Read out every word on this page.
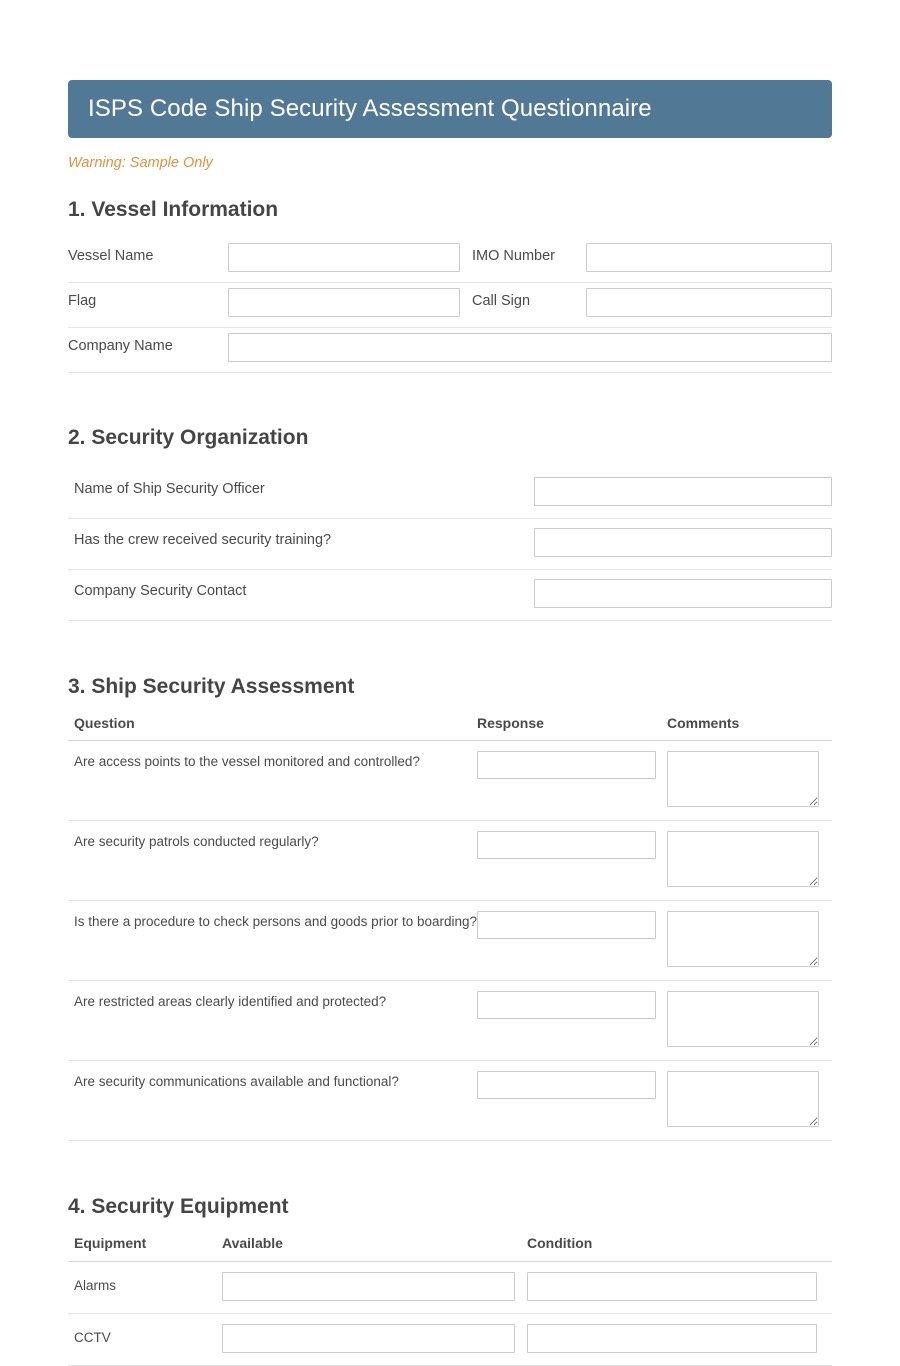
ISPS Code Ship Security Assessment Questionnaire
Warning: Sample Only
1. Vessel Information
Vessel Name	IMO Number
Flag	Call Sign
Company Name
2. Security Organization
Name of Ship Security Officer
Has the crew received security training?
Company Security Contact
3. Ship Security Assessment
Question	Response	Comments
Are access points to the vessel monitored and controlled?
Are security patrols conducted regularly?
Is there a procedure to check persons and goods prior to boarding?
Are restricted areas clearly identified and protected?
Are security communications available and functional?
4. Security Equipment
Equipment	Available	Condition
Alarms
CCTV
